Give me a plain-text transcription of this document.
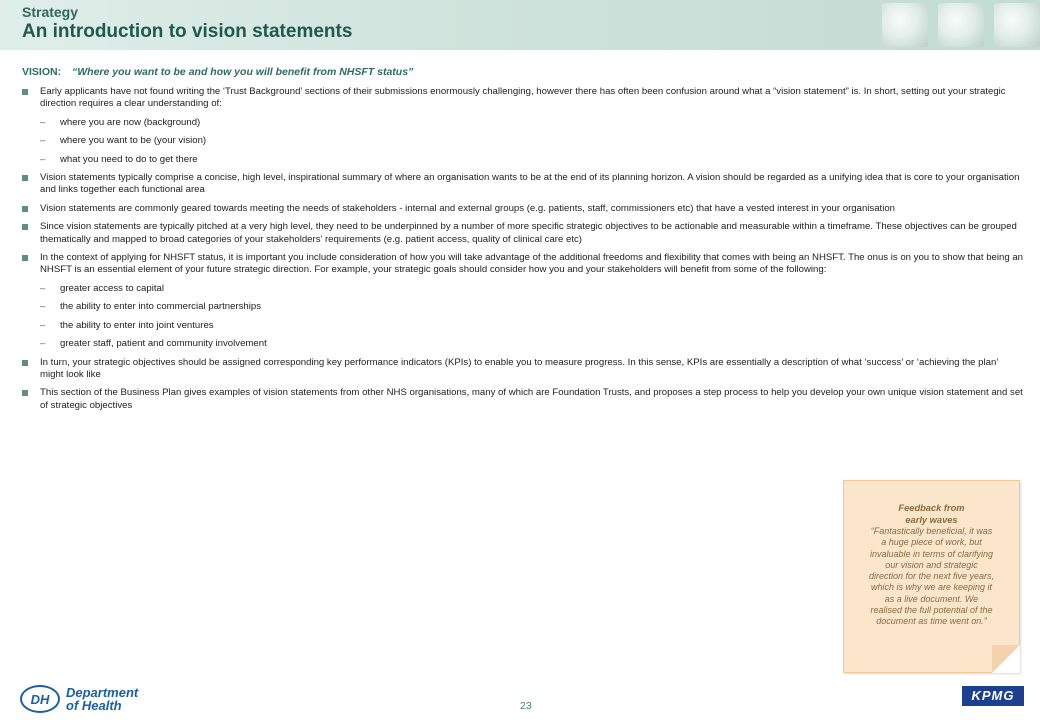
Strategy
An introduction to vision statements
VISION: “Where you want to be and how you will benefit from NHSFT status”
Early applicants have not found writing the ‘Trust Background’ sections of their submissions enormously challenging, however there has often been confusion around what a “vision statement” is. In short, setting out your strategic direction requires a clear understanding of:
– where you are now (background)
– where you want to be (your vision)
– what you need to do to get there
Vision statements typically comprise a concise, high level, inspirational summary of where an organisation wants to be at the end of its planning horizon. A vision should be regarded as a unifying idea that is core to your organisation and links together each functional area
Vision statements are commonly geared towards meeting the needs of stakeholders - internal and external groups (e.g. patients, staff, commissioners etc) that have a vested interest in your organisation
Since vision statements are typically pitched at a very high level, they need to be underpinned by a number of more specific strategic objectives to be actionable and measurable within a timeframe. These objectives can be grouped thematically and mapped to broad categories of your stakeholders’ requirements (e.g. patient access, quality of clinical care etc)
In the context of applying for NHSFT status, it is important you include consideration of how you will take advantage of the additional freedoms and flexibility that comes with being an NHSFT. The onus is on you to show that being an NHSFT is an essential element of your future strategic direction. For example, your strategic goals should consider how you and your stakeholders will benefit from some of the following:
– greater access to capital
– the ability to enter into commercial partnerships
– the ability to enter into joint ventures
– greater staff, patient and community involvement
In turn, your strategic objectives should be assigned corresponding key performance indicators (KPIs) to enable you to measure progress. In this sense, KPIs are essentially a description of what ‘success’ or ‘achieving the plan’ might look like
This section of the Business Plan gives examples of vision statements from other NHS organisations, many of which are Foundation Trusts, and proposes a step process to help you develop your own unique vision statement and set of strategic objectives
Feedback from
early waves
“Fantastically beneficial, it was a huge piece of work, but invaluable in terms of clarifying our vision and strategic direction for the next five years, which is why we are keeping it as a live document. We realised the full potential of the document as time went on.”
DH	Department
of Health	23
KPMG
